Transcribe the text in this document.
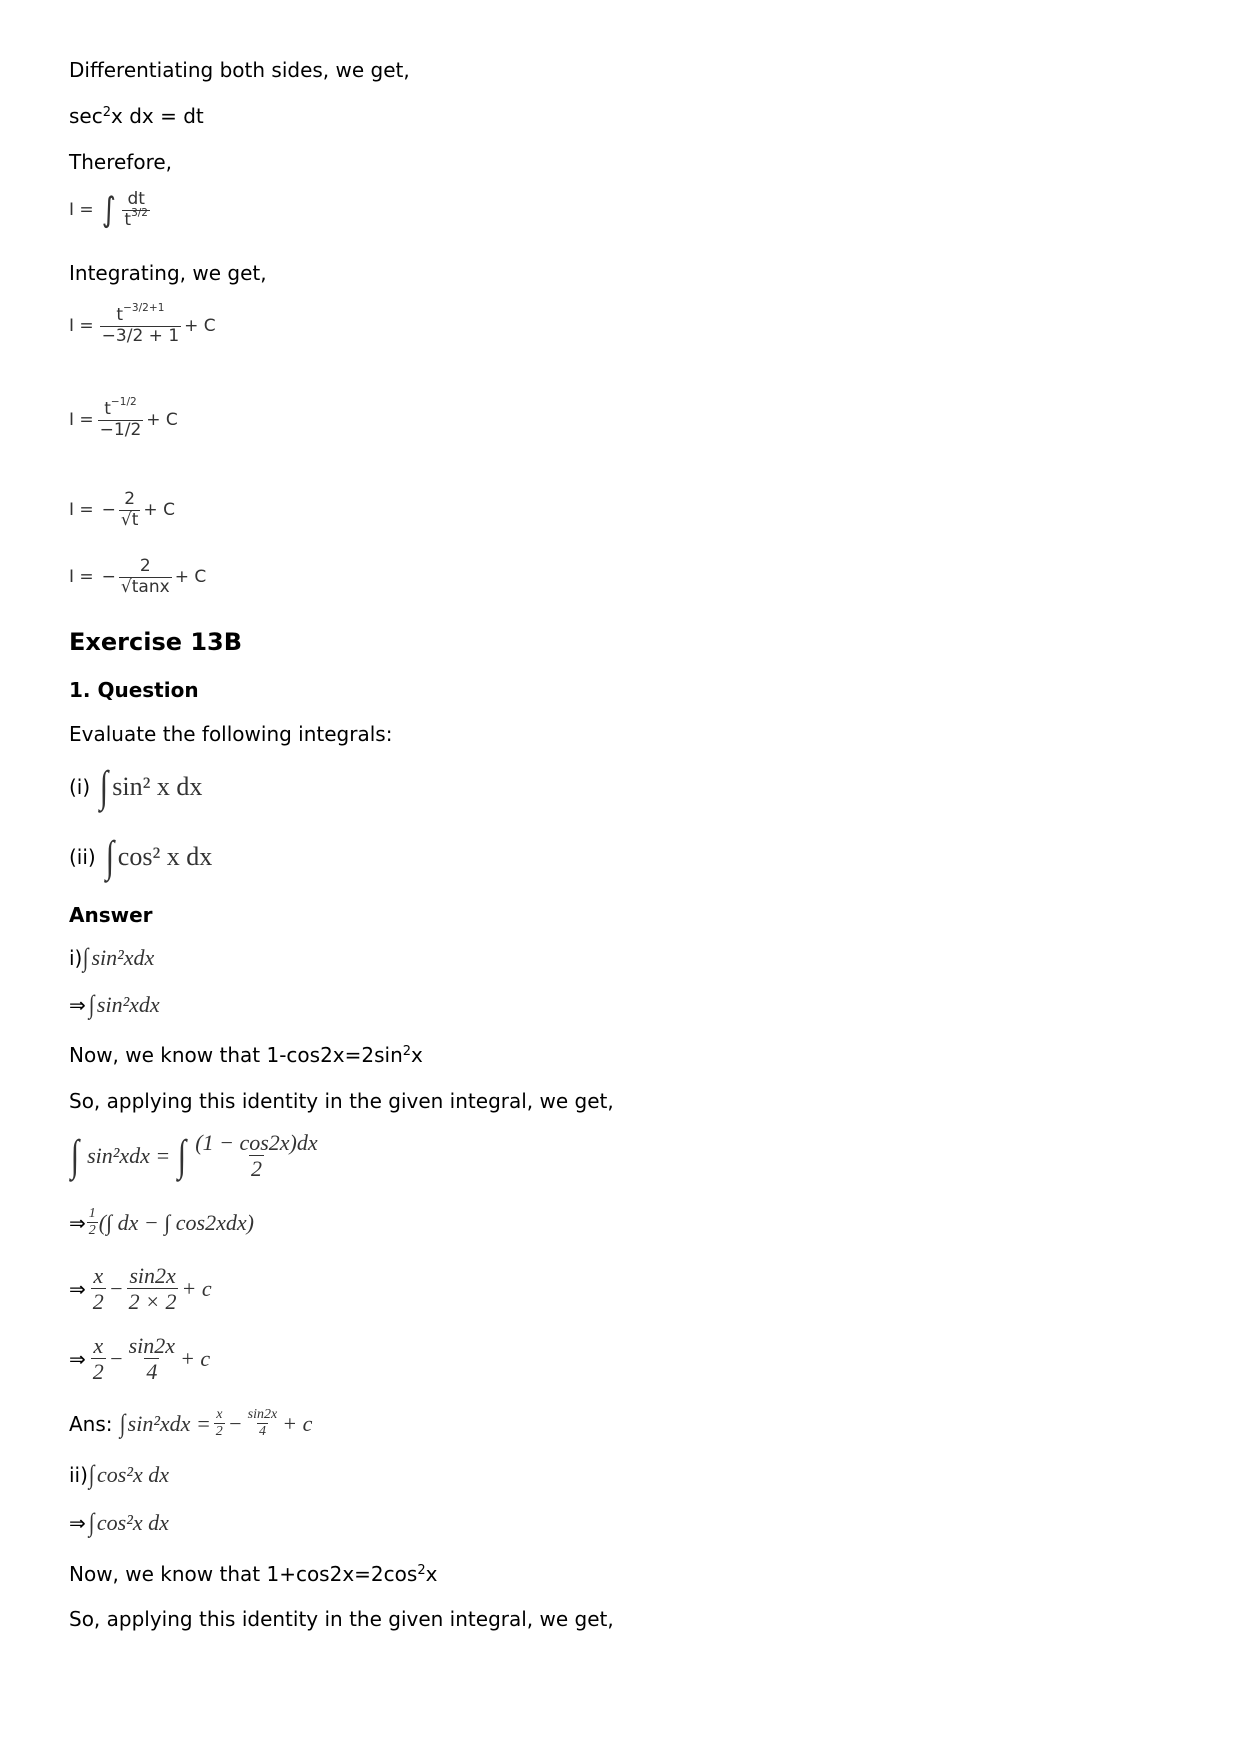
Differentiating both sides, we get,
$\sec^2x$ dx = dt
Therefore,
I = ∫ $\frac{dt}{t^{3/2}}$
Integrating, we get,
$I = \frac{t^{-3/2+1}}{-3/2 + 1} + C$
$I = \frac{t^{-1/2}}{-1/2} + C$
I = − $\frac{2}{√t} + C$
I = − $\frac{2}{√\tan x} + C$
Exercise 13B
1. Question
Evaluate the following integrals:
(i) ∫ sin² x dx
(ii) ∫ cos² x dx
Answer
i) ∫ sin²xdx
⇒ ∫ sin²xdx
Now, we know that $1-\cos 2x=2\sin^2x$
So, applying this identity in the given integral, we get,
∫ sin²xdx = ∫ $\frac{(1 - \cos 2x)dx}{2}$
⇒ $\frac{1}{2}$ (∫ dx − ∫ cos2xdx)
⇒ $\frac{x}{2} - \frac{\sin 2x}{2 \times 2} + c$
⇒ $\frac{x}{2} - \frac{\sin 2x}{4} + c$
Ans: ∫ $\sin^2xdx = \frac{x}{2} - \frac{\sin 2x}{4} + c$
ii) ∫ cos²x dx
⇒ ∫ cos²x dx
Now, we know that $1+\cos 2x=2\cos^2x$
So, applying this identity in the given integral, we get,
